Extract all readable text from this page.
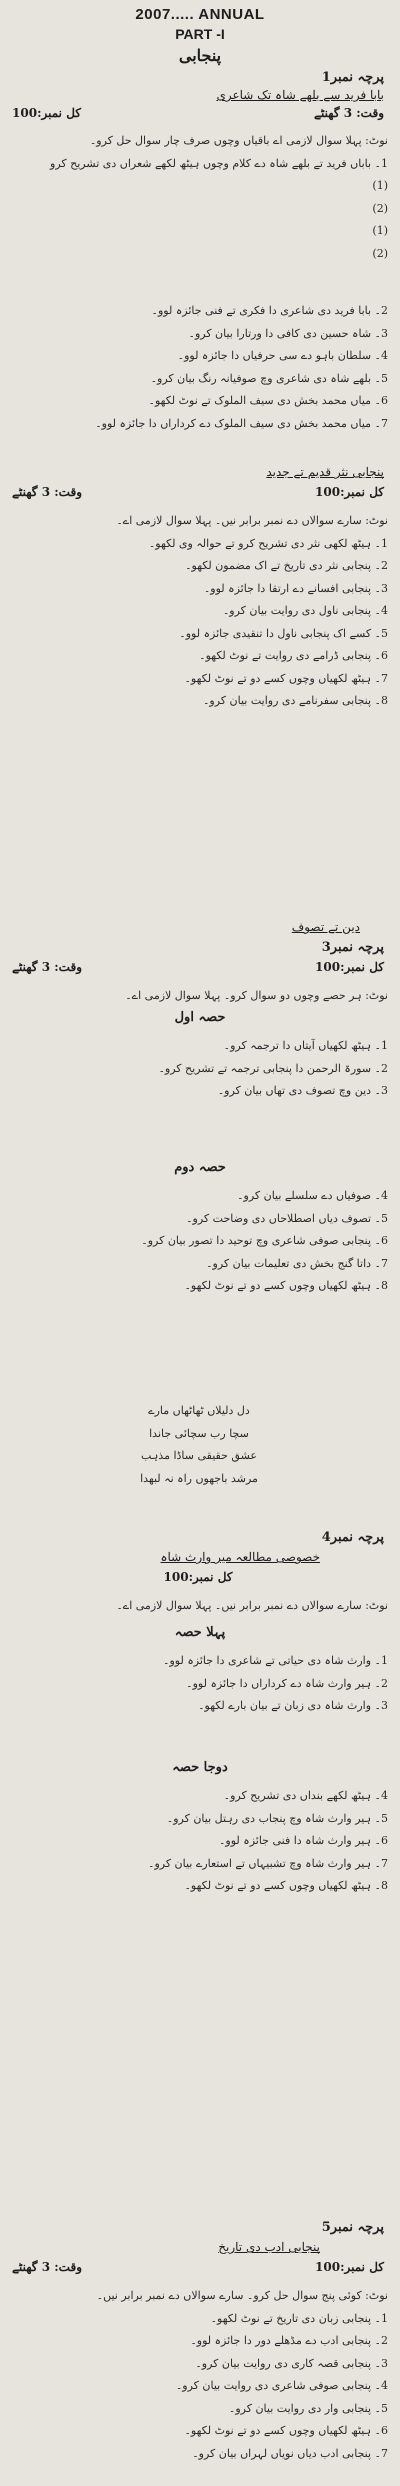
2007..... ANNUAL
PART -I
پنجابی
پرچہ نمبر1
بابا فرید سے بلھے شاہ تک شاعری
وقت: 3 گھنٹے
کل نمبر:100
نوٹ: پہلا سوال لازمی اے باقیاں وچوں صرف چار سوال حل کرو۔
1۔ باباں فرید تے بلھے شاہ دے کلام وچوں ہیٹھ لکھے شعراں دی تشریح کرو
(1)
(2)
(1)
(2)
2۔ بابا فرید دی شاعری دا فکری تے فنی جائزہ لوو۔
3۔ شاہ حسین دی کافی دا ورتارا بیان کرو۔
4۔ سلطان باہو دے سی حرفیاں دا جائزہ لوو۔
5۔ بلھے شاہ دی شاعری وچ صوفیانہ رنگ بیان کرو۔
6۔ میاں محمد بخش دی سیف الملوک تے نوٹ لکھو۔
7۔ میاں محمد بخش دی سیف الملوک دے کرداراں دا جائزہ لوو۔
پنجابی نثر قدیم تے جدید
کل نمبر:100
وقت: 3 گھنٹے
نوٹ: سارے سوالاں دے نمبر برابر نیں۔ پہلا سوال لازمی اے۔
1۔ ہیٹھ لکھی نثر دی تشریح کرو تے حوالہ وی لکھو۔
2۔ پنجابی نثر دی تاریخ تے اک مضمون لکھو۔
3۔ پنجابی افسانے دے ارتقا دا جائزہ لوو۔
4۔ پنجابی ناول دی روایت بیان کرو۔
5۔ کسے اک پنجابی ناول دا تنقیدی جائزہ لوو۔
6۔ پنجابی ڈرامے دی روایت تے نوٹ لکھو۔
7۔ ہیٹھ لکھیاں وچوں کسے دو تے نوٹ لکھو۔
8۔ پنجابی سفرنامے دی روایت بیان کرو۔
دین تے تصوف
پرچہ نمبر3
کل نمبر:100
وقت: 3 گھنٹے
نوٹ: ہر حصے وچوں دو سوال کرو۔ پہلا سوال لازمی اے۔
حصہ اول
1۔ ہیٹھ لکھیاں آیتاں دا ترجمہ کرو۔
2۔ سورۃ الرحمن دا پنجابی ترجمہ تے تشریح کرو۔
3۔ دین وچ تصوف دی تھاں بیان کرو۔
حصہ دوم
4۔ صوفیاں دے سلسلے بیان کرو۔
5۔ تصوف دیاں اصطلاحاں دی وضاحت کرو۔
6۔ پنجابی صوفی شاعری وچ توحید دا تصور بیان کرو۔
7۔ داتا گنج بخش دی تعلیمات بیان کرو۔
8۔ ہیٹھ لکھیاں وچوں کسے دو تے نوٹ لکھو۔
دل دلیلاں ٹھاٹھاں مارے
سچا رب سچائی جاندا
عشق حقیقی ساڈا مذہب
مرشد باجھوں راہ نہ لبھدا
پرچہ نمبر4
خصوصی مطالعہ میر وارث شاہ
کل نمبر:100
نوٹ: سارے سوالاں دے نمبر برابر نیں۔ پہلا سوال لازمی اے۔
پہلا حصہ
1۔ وارث شاہ دی حیاتی تے شاعری دا جائزہ لوو۔
2۔ ہیر وارث شاہ دے کرداراں دا جائزہ لوو۔
3۔ وارث شاہ دی زبان تے بیان بارے لکھو۔
دوجا حصہ
4۔ ہیٹھ لکھے بنداں دی تشریح کرو۔
5۔ ہیر وارث شاہ وچ پنجاب دی رہتل بیان کرو۔
6۔ ہیر وارث شاہ دا فنی جائزہ لوو۔
7۔ ہیر وارث شاہ وچ تشبیہاں تے استعارے بیان کرو۔
8۔ ہیٹھ لکھیاں وچوں کسے دو تے نوٹ لکھو۔
پرچہ نمبر5
پنجابی ادب دی تاریخ
کل نمبر:100
وقت: 3 گھنٹے
نوٹ: کوئی پنج سوال حل کرو۔ سارے سوالاں دے نمبر برابر نیں۔
1۔ پنجابی زبان دی تاریخ تے نوٹ لکھو۔
2۔ پنجابی ادب دے مڈھلے دور دا جائزہ لوو۔
3۔ پنجابی قصہ کاری دی روایت بیان کرو۔
4۔ پنجابی صوفی شاعری دی روایت بیان کرو۔
5۔ پنجابی وار دی روایت بیان کرو۔
6۔ ہیٹھ لکھیاں وچوں کسے دو تے نوٹ لکھو۔
7۔ پنجابی ادب دیاں نویاں لہراں بیان کرو۔
